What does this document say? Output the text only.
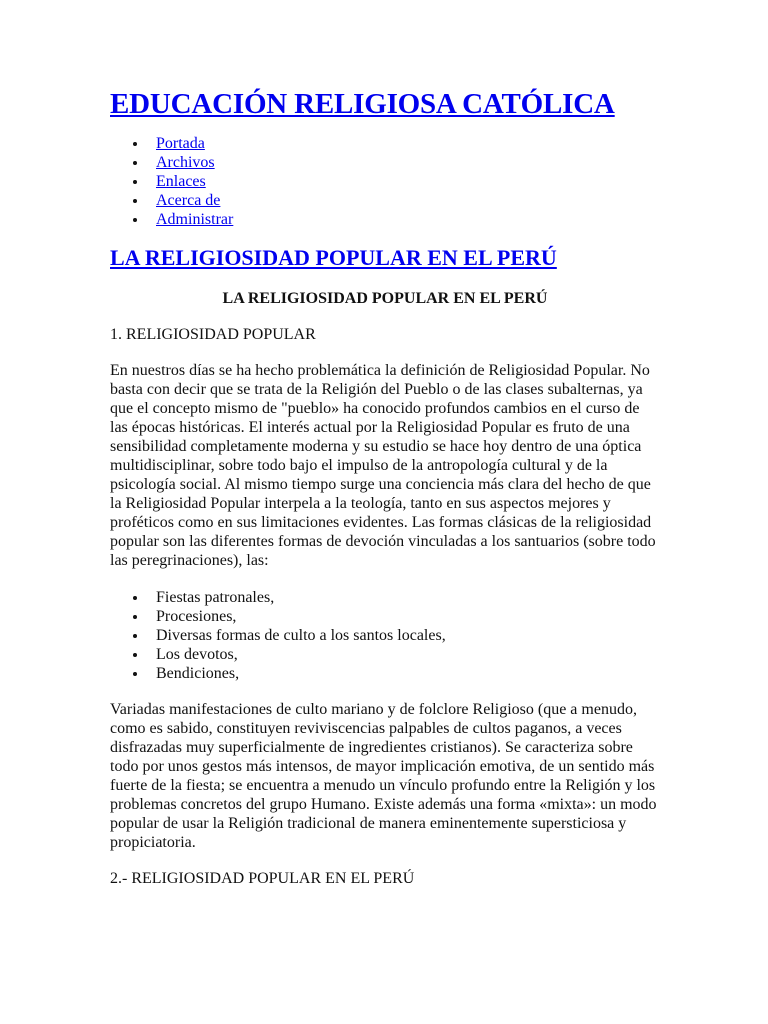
EDUCACIÓN RELIGIOSA CATÓLICA
Portada
Archivos
Enlaces
Acerca de
Administrar
LA RELIGIOSIDAD POPULAR EN EL PERÚ
LA RELIGIOSIDAD POPULAR EN EL PERÚ

1. RELIGIOSIDAD POPULAR

En nuestros días se ha hecho problemática la definición de Religiosidad Popular. No basta con decir que se trata de la Religión del Pueblo o de las clases subalternas, ya que el concepto mismo de "pueblo» ha conocido profundos cambios en el curso de las épocas históricas. El interés actual por la Religiosidad Popular es fruto de una sensibilidad completamente moderna y su estudio se hace hoy dentro de una óptica multidisciplinar, sobre todo bajo el impulso de la antropología cultural y de la psicología social. Al mismo tiempo surge una conciencia más clara del hecho de que la Religiosidad Popular interpela a la teología, tanto en sus aspectos mejores y proféticos como en sus limitaciones evidentes. Las formas clásicas de la religiosidad popular son las diferentes formas de devoción vinculadas a los santuarios (sobre todo las peregrinaciones), las:

Fiestas patronales,
Procesiones,
Diversas formas de culto a los santos locales,
Los devotos,
Bendiciones,

Variadas manifestaciones de culto mariano y de folclore Religioso (que a menudo, como es sabido, constituyen reviviscencias palpables de cultos paganos, a veces disfrazadas muy superficialmente de ingredientes cristianos). Se caracteriza sobre todo por unos gestos más intensos, de mayor implicación emotiva, de un sentido más fuerte de la fiesta; se encuentra a menudo un vínculo profundo entre la Religión y los problemas concretos del grupo Humano. Existe además una forma «mixta»: un modo popular de usar la Religión tradicional de manera eminentemente supersticiosa y propiciatoria.

2.- RELIGIOSIDAD POPULAR EN EL PERÚ
